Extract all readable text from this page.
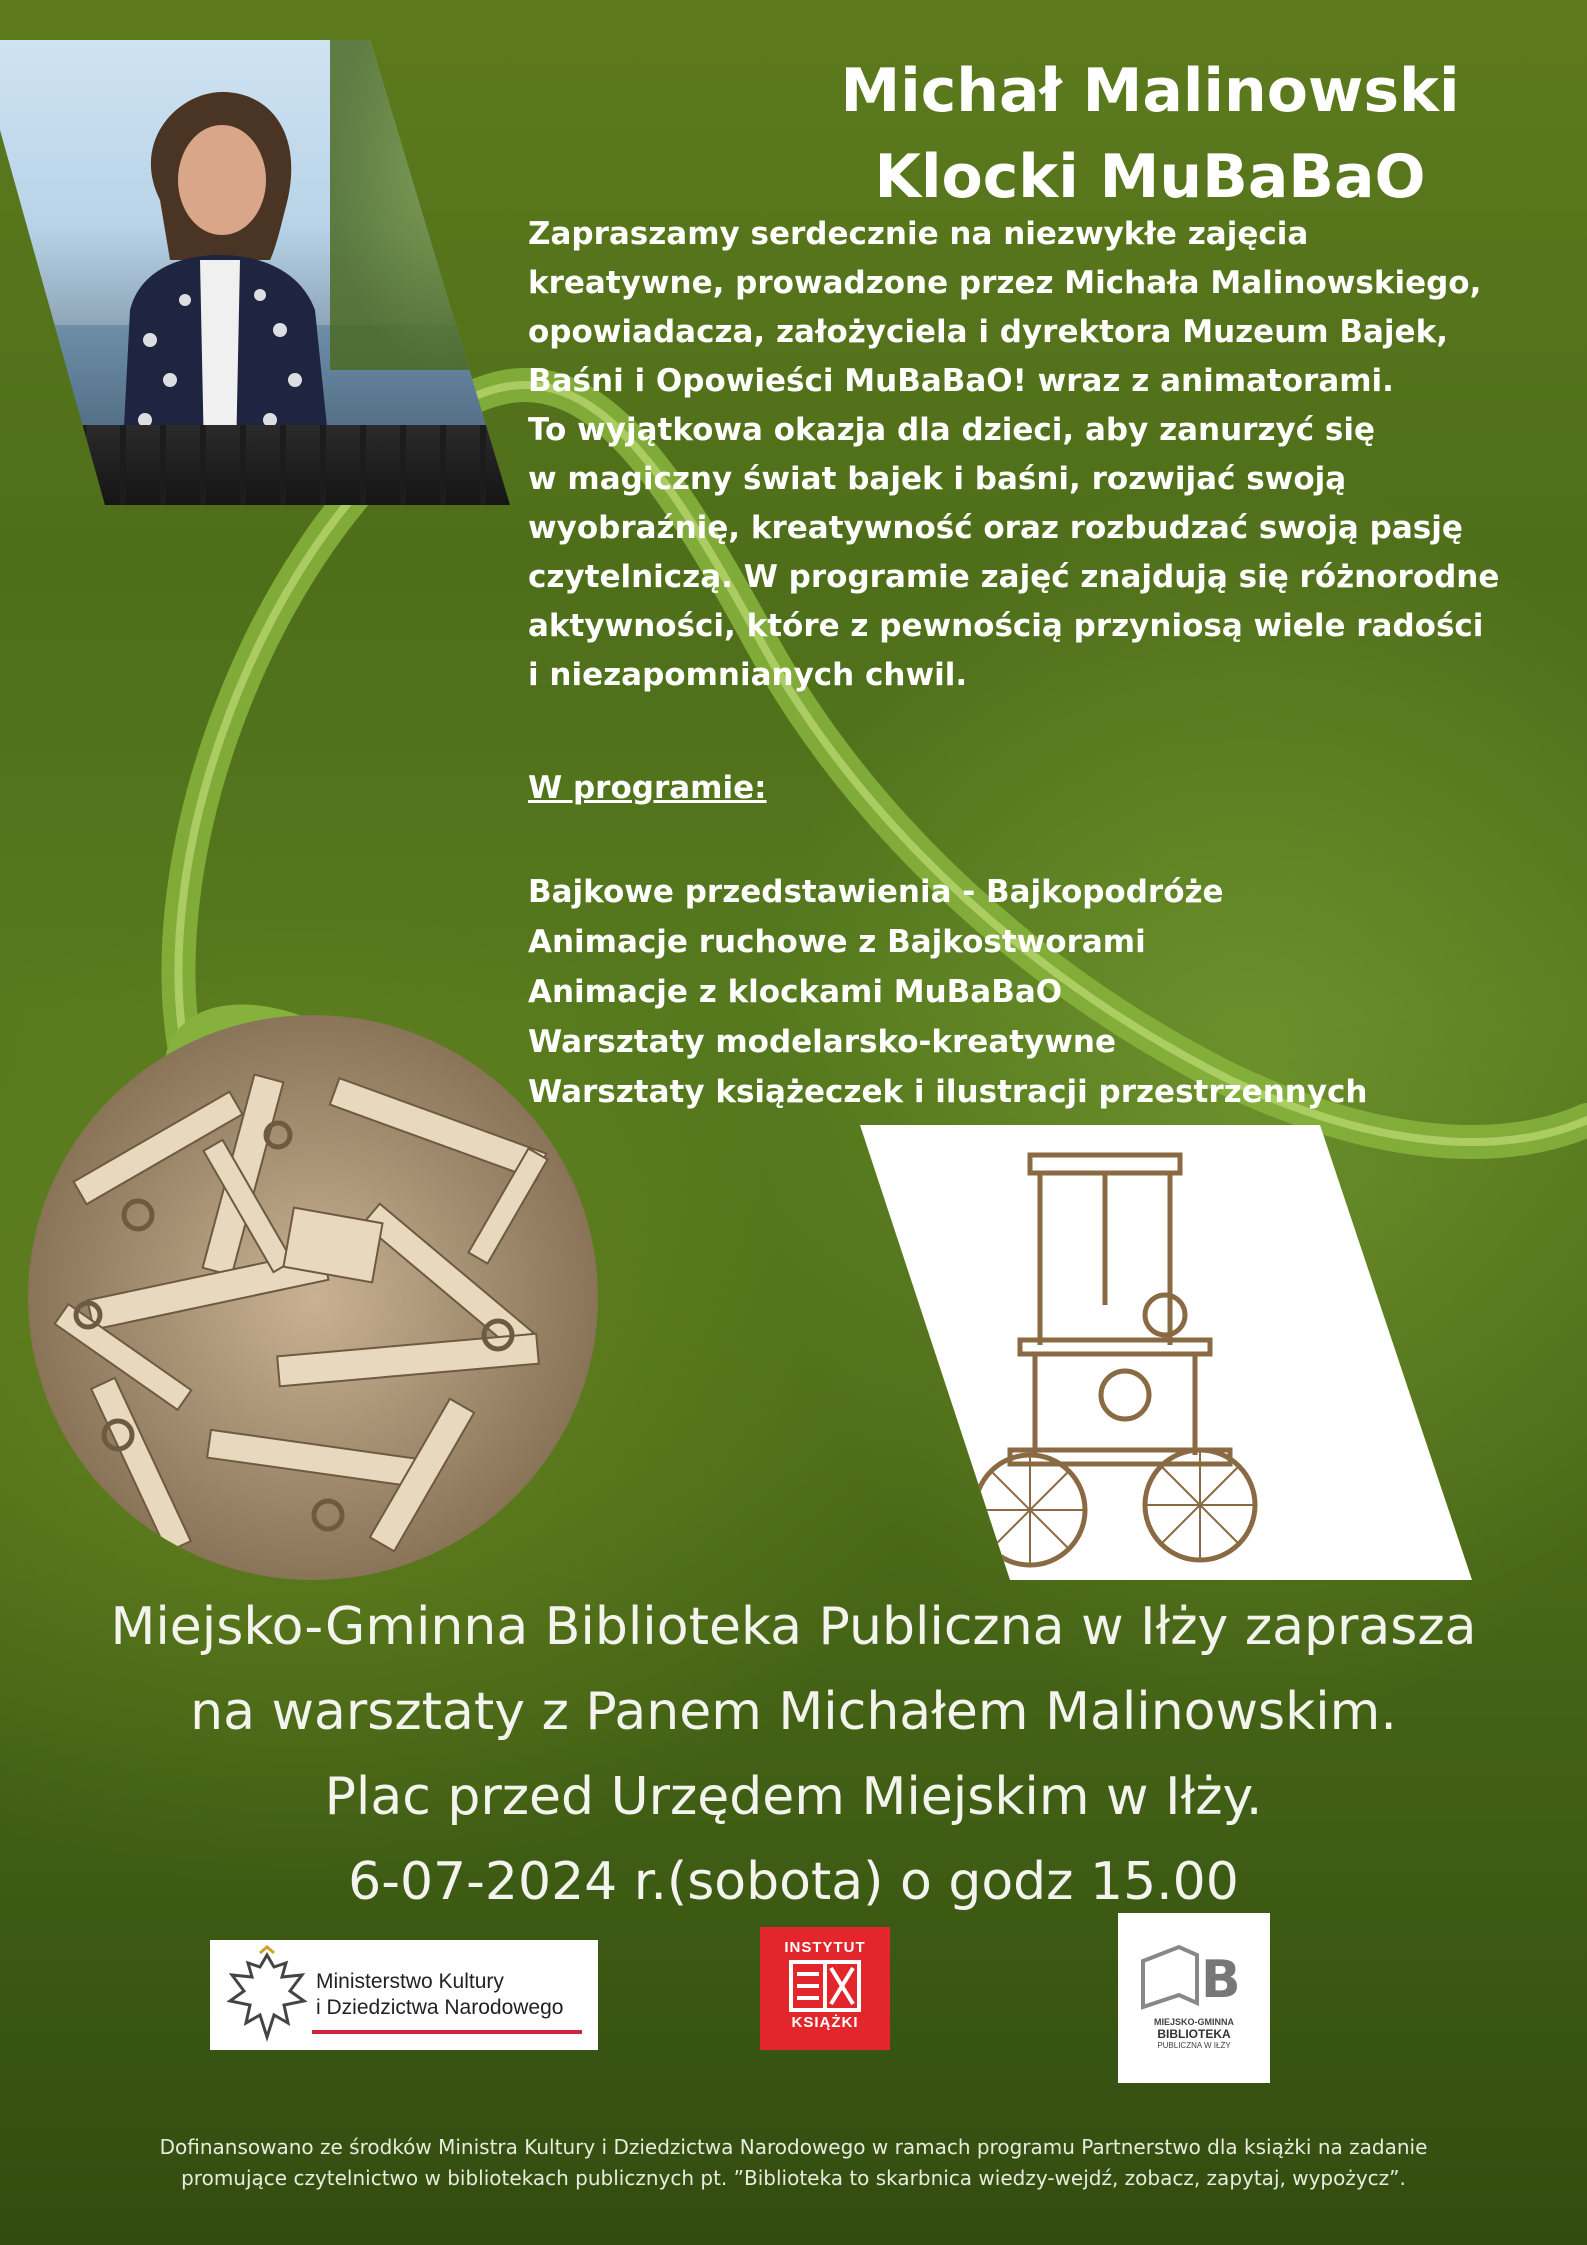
Michał Malinowski
Klocki MuBaBaO
Zapraszamy serdecznie na niezwykłe zajęcia
kreatywne, prowadzone przez Michała Malinowskiego,
opowiadacza, założyciela i dyrektora Muzeum Bajek,
Baśni i Opowieści MuBaBaO! wraz z animatorami.
To wyjątkowa okazja dla dzieci, aby zanurzyć się
w magiczny świat bajek i baśni, rozwijać swoją
wyobraźnię, kreatywność oraz rozbudzać swoją pasję
czytelniczą. W programie zajęć znajdują się różnorodne
aktywności, które z pewnością przyniosą wiele radości
i niezapomnianych chwil.
W programie:
Bajkowe przedstawienia - Bajkopodróże
Animacje ruchowe z Bajkostworami
Animacje z klockami MuBaBaO
Warsztaty modelarsko-kreatywne
Warsztaty książeczek i ilustracji przestrzennych
Miejsko-Gminna Biblioteka Publiczna w Iłży zaprasza
na warsztaty z Panem Michałem Malinowskim.
Plac przed Urzędem Miejskim w Iłży.
6-07-2024 r.(sobota) o godz 15.00
Ministerstwo Kultury
i Dziedzictwa Narodowego
INSTYTUT
KSIĄŻKI
B
MIEJSKO-GMINNA
BIBLIOTEKA
PUBLICZNA W IŁŻY
Dofinansowano ze środków Ministra Kultury i Dziedzictwa Narodowego w ramach programu Partnerstwo dla książki na zadanie
promujące czytelnictwo w bibliotekach publicznych pt. ”Biblioteka to skarbnica wiedzy-wejdź, zobacz, zapytaj, wypożycz”.
